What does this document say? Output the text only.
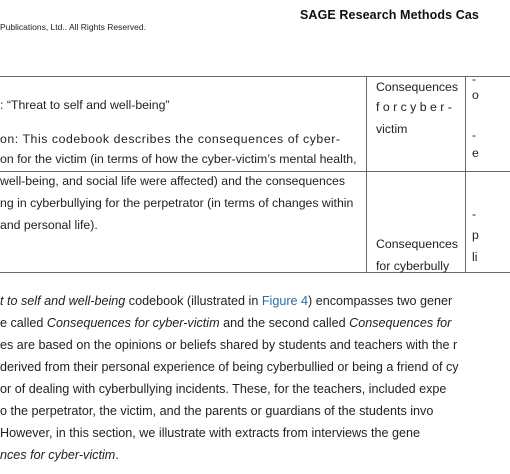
SAGE Research Methods Cas
Publications, Ltd.. All Rights Reserved.
: “Threat to self and well-being”
on: This codebook describes the consequences of cyber-
on for the victim (in terms of how the cyber-victim’s mental health,
well-being, and social life were affected) and the consequences
ng in cyberbullying for the perpetrator (in terms of changes within
and personal life).
Consequences
f o r c y b e r -
victim
-
o
-
e
Consequences
for cyberbully
-
p
li
t to self and well-being codebook (illustrated in Figure 4) encompasses two gener
e called Consequences for cyber-victim and the second called Consequences for
es are based on the opinions or beliefs shared by students and teachers with the r
derived from their personal experience of being cyberbullied or being a friend of cy
or of dealing with cyberbullying incidents. These, for the teachers, included expe
o the perpetrator, the victim, and the parents or guardians of the students invo
However, in this section, we illustrate with extracts from interviews the gene
nces for cyber-victim.
